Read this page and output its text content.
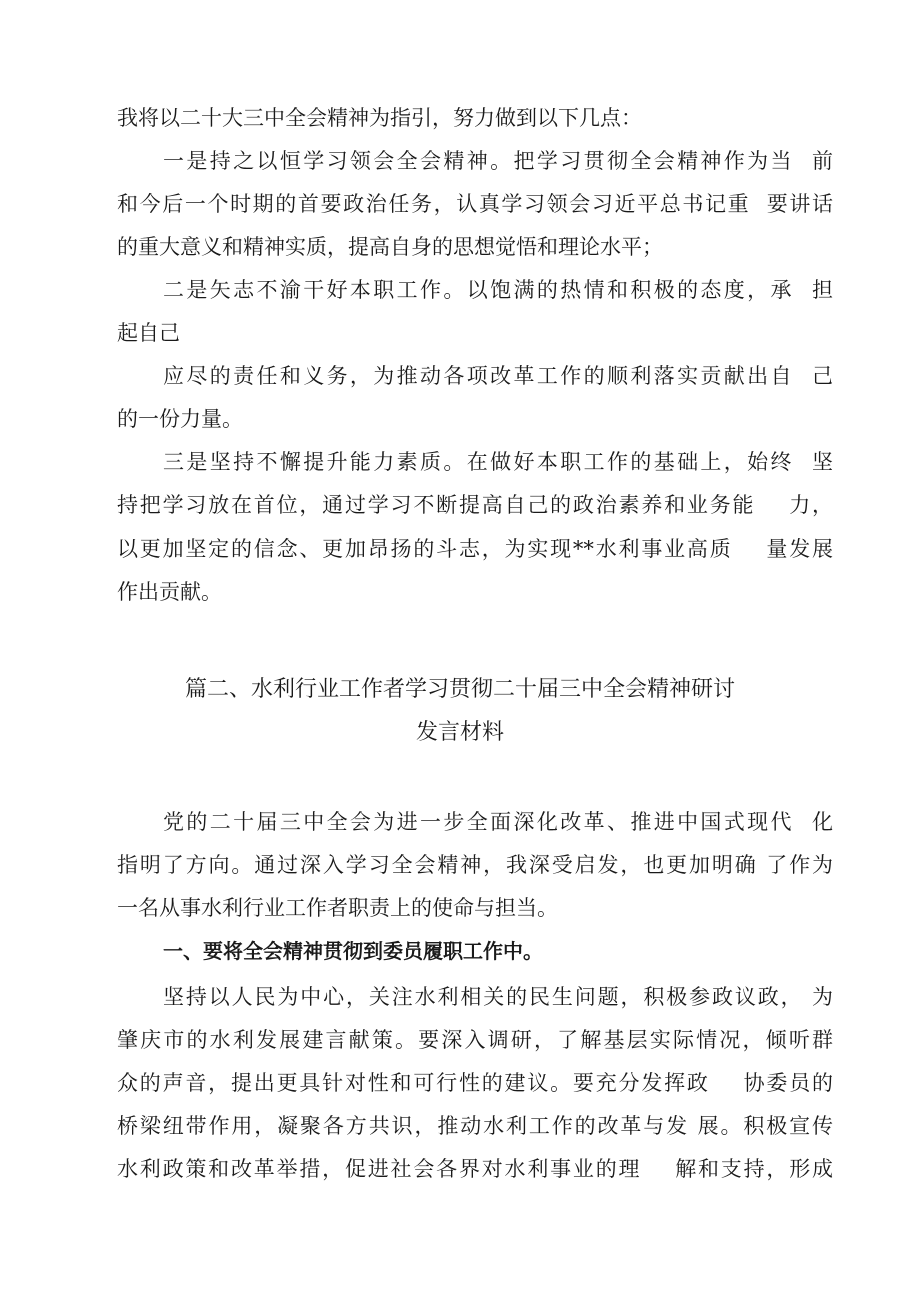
我将以二十大三中全会精神为指引，努力做到以下几点：
一是持之以恒学习领会全会精神。把学习贯彻全会精神作为当  前
和今后一个时期的首要政治任务，认真学习领会习近平总书记重  要讲话
的重大意义和精神实质，提高自身的思想觉悟和理论水平；
二是矢志不渝干好本职工作。以饱满的热情和积极的态度，承  担
起自己
应尽的责任和义务，为推动各项改革工作的顺利落实贡献出自  己
的一份力量。
三是坚持不懈提升能力素质。在做好本职工作的基础上，始终  坚
持把学习放在首位，通过学习不断提高自己的政治素养和业务能    力，
以更加坚定的信念、更加昂扬的斗志，为实现**水利事业高质    量发展
作出贡献。
篇二、水利行业工作者学习贯彻二十届三中全会精神研讨
发言材料
党的二十届三中全会为进一步全面深化改革、推进中国式现代  化
指明了方向。通过深入学习全会精神，我深受启发，也更加明确 了作为
一名从事水利行业工作者职责上的使命与担当。
一、要将全会精神贯彻到委员履职工作中。
坚持以人民为中心，关注水利相关的民生问题，积极参政议政， 为
肇庆市的水利发展建言献策。要深入调研，了解基层实际情况，倾听群
众的声音，提出更具针对性和可行性的建议。要充分发挥政    协委员的
桥梁纽带作用，凝聚各方共识，推动水利工作的改革与发 展。积极宣传
水利政策和改革举措，促进社会各界对水利事业的理    解和支持，形成
